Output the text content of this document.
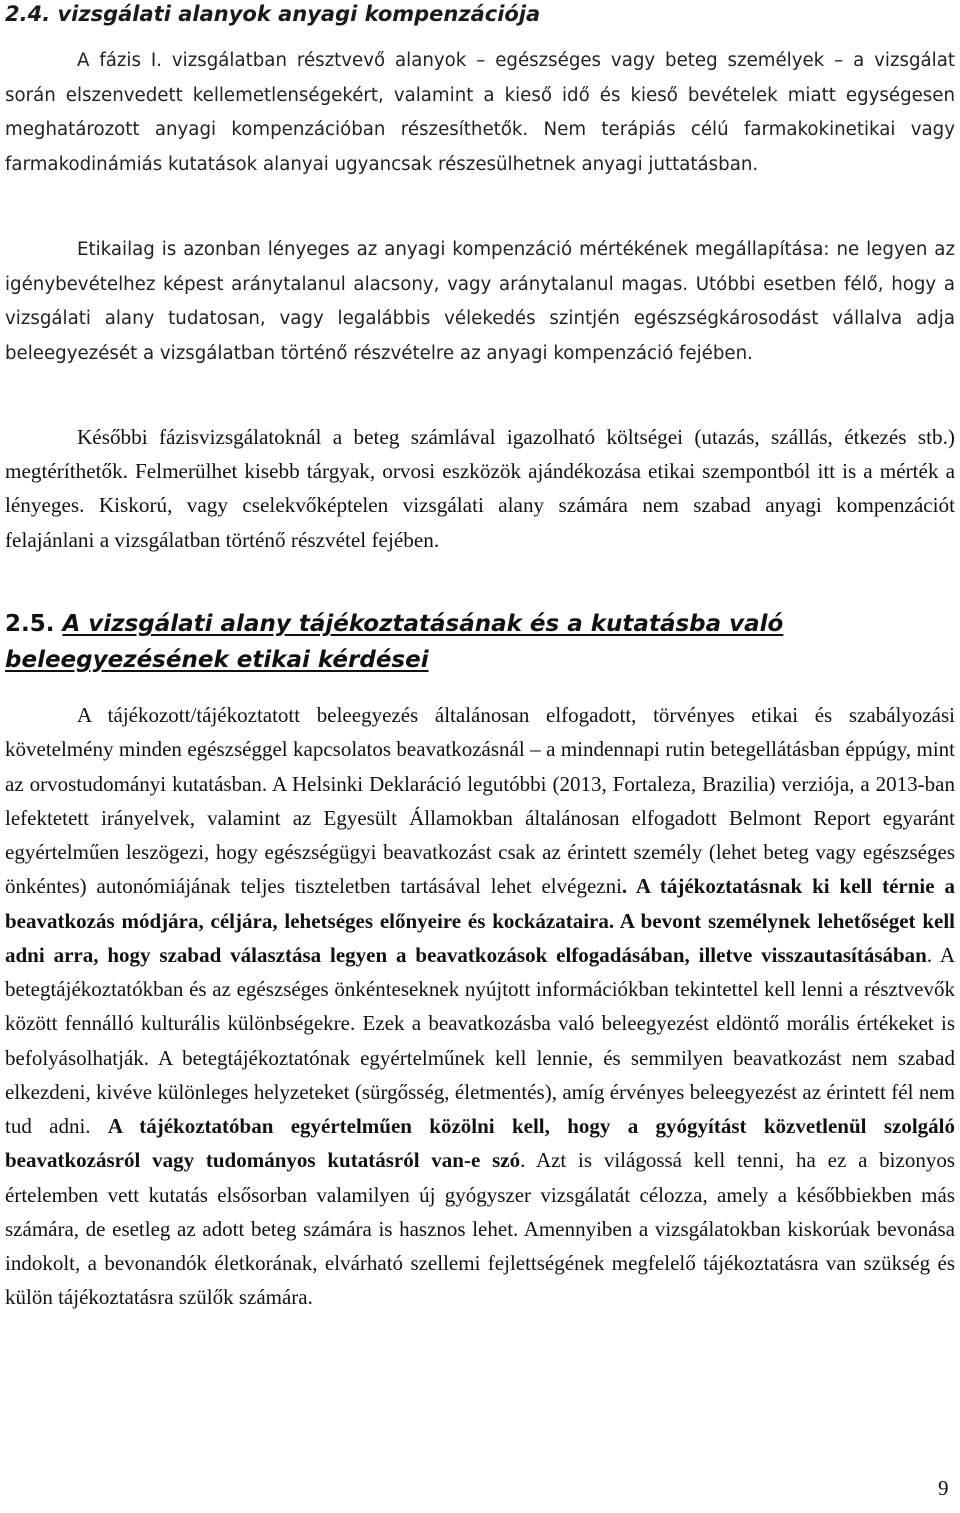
2.4. vizsgálati alanyok anyagi kompenzációja

A fázis I. vizsgálatban résztvevő alanyok – egészséges vagy beteg személyek – a vizsgálat során elszenvedett kellemetlenségekért, valamint a kieső idő és kieső bevételek miatt egységesen meghatározott anyagi kompenzációban részesíthetők. Nem terápiás célú farmakokinetikai vagy farmakodinámiás kutatások alanyai ugyancsak részesülhetnek anyagi juttatásban.

Etikailag is azonban lényeges az anyagi kompenzáció mértékének megállapítása: ne legyen az igénybevételhez képest aránytalanul alacsony, vagy aránytalanul magas. Utóbbi esetben félő, hogy a vizsgálati alany tudatosan, vagy legalábbis vélekedés szintjén egészségkárosodást vállalva adja beleegyezését a vizsgálatban történő részvételre az anyagi kompenzáció fejében.

Későbbi fázisvizsgálatoknál a beteg számlával igazolható költségei (utazás, szállás, étkezés stb.) megtéríthetők. Felmerülhet kisebb tárgyak, orvosi eszközök ajándékozása etikai szempontból itt is a mérték a lényeges. Kiskorú, vagy cselekvőképtelen vizsgálati alany számára nem szabad anyagi kompenzációt felajánlani a vizsgálatban történő részvétel fejében.

2.5. A vizsgálati alany tájékoztatásának és a kutatásba való beleegyezésének etikai kérdései

A tájékozott/tájékoztatott beleegyezés általánosan elfogadott, törvényes etikai és szabályozási követelmény minden egészséggel kapcsolatos beavatkozásnál – a mindennapi rutin betegellátásban éppúgy, mint az orvostudományi kutatásban. A Helsinki Deklaráció legutóbbi (2013, Fortaleza, Brazilia) verziója, a 2013-ban lefektetett irányelvek, valamint az Egyesült Államokban általánosan elfogadott Belmont Report egyaránt egyértelműen leszögezi, hogy egészségügyi beavatkozást csak az érintett személy (lehet beteg vagy egészséges önkéntes) autonómiájának teljes tiszteletben tartásával lehet elvégezni. A tájékoztatásnak ki kell térnie a beavatkozás módjára, céljára, lehetséges előnyeire és kockázataira. A bevont személynek lehetőséget kell adni arra, hogy szabad választása legyen a beavatkozások elfogadásában, illetve visszautasításában. A betegtájékoztatókban és az egészséges önkénteseknek nyújtott információkban tekintettel kell lenni a résztvevők között fennálló kulturális különbségekre. Ezek a beavatkozásba való beleegyezést eldöntő morális értékeket is befolyásolhatják. A betegtájékoztatónak egyértelműnek kell lennie, és semmilyen beavatkozást nem szabad elkezdeni, kivéve különleges helyzeteket (sürgősség, életmentés), amíg érvényes beleegyezést az érintett fél nem tud adni. A tájékoztatóban egyértelműen közölni kell, hogy a gyógyítást közvetlenül szolgáló beavatkozásról vagy tudományos kutatásról van-e szó. Azt is világossá kell tenni, ha ez a bizonyos értelemben vett kutatás elsősorban valamilyen új gyógyszer vizsgálatát célozza, amely a későbbiekben más számára, de esetleg az adott beteg számára is hasznos lehet. Amennyiben a vizsgálatokban kiskorúak bevonása indokolt, a bevonandók életkorának, elvárható szellemi fejlettségének megfelelő tájékoztatásra van szükség és külön tájékoztatásra szülők számára.

9
